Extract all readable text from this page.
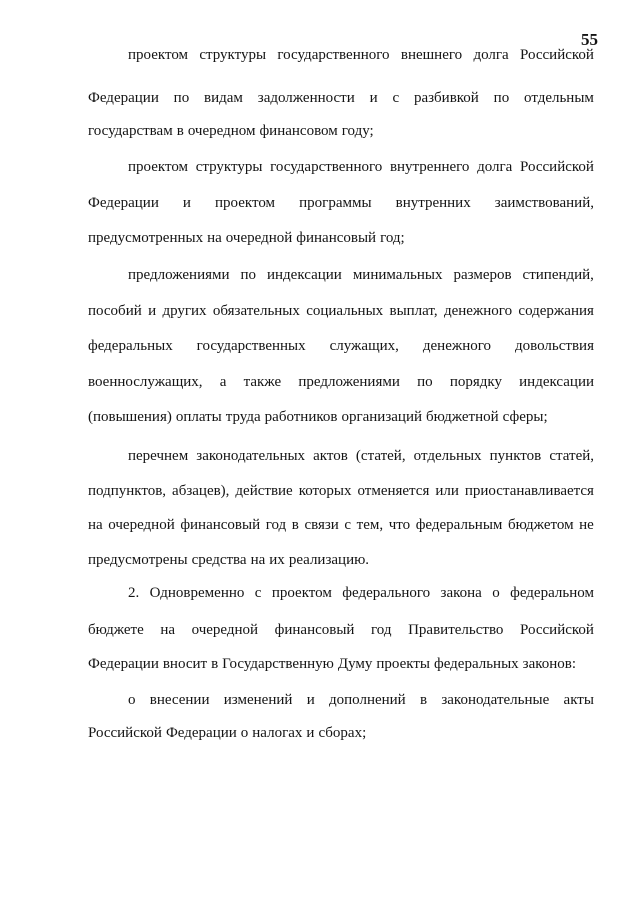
55
проектом структуры государственного внешнего долга Российской
Федерации по видам задолженности и с разбивкой по отдельным
государствам в очередном финансовом году;
проектом структуры государственного внутреннего долга Российской
Федерации и проектом программы внутренних заимствований,
предусмотренных на очередной финансовый год;
предложениями по индексации минимальных размеров стипендий,
пособий и других обязательных социальных выплат, денежного содержания
федеральных государственных служащих, денежного довольствия
военнослужащих, а также предложениями по порядку индексации
(повышения) оплаты труда работников организаций бюджетной сферы;
перечнем законодательных актов (статей, отдельных пунктов статей,
подпунктов, абзацев), действие которых отменяется или приостанавливается
на очередной финансовый год в связи с тем, что федеральным бюджетом не
предусмотрены средства на их реализацию.
2. Одновременно с проектом федерального закона о федеральном
бюджете на очередной финансовый год Правительство Российской
Федерации вносит в Государственную Думу проекты федеральных законов:
о внесении изменений и дополнений в законодательные акты
Российской Федерации о налогах и сборах;
